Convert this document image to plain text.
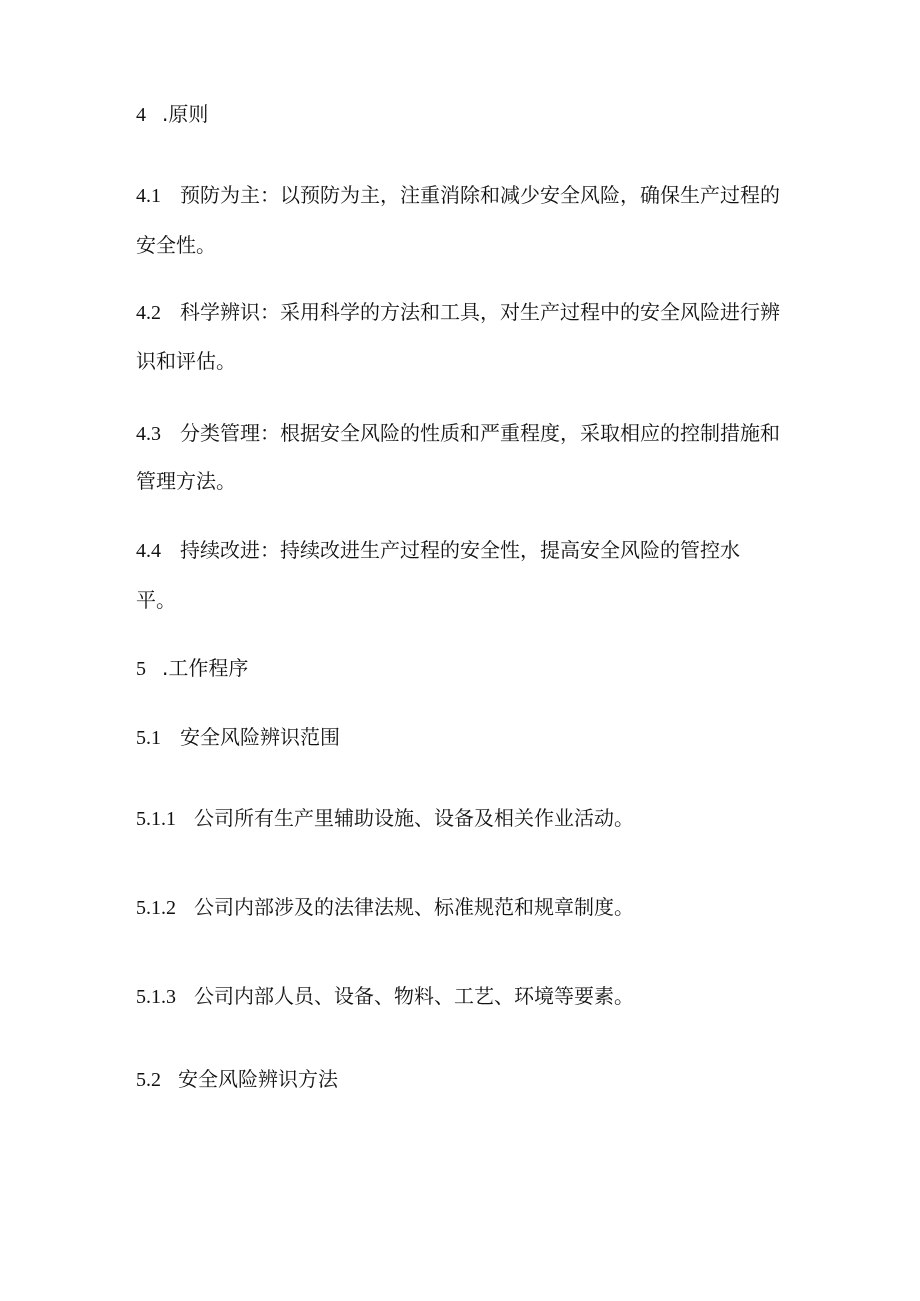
4 .原则

4.1 预防为主：以预防为主，注重消除和减少安全风险，确保生产过程的

安全性。

4.2 科学辨识：采用科学的方法和工具，对生产过程中的安全风险进行辨

识和评估。

4.3 分类管理：根据安全风险的性质和严重程度，采取相应的控制措施和

管理方法。

4.4 持续改进：持续改进生产过程的安全性，提高安全风险的管控水

平。

5 .工作程序

5.1 安全风险辨识范围

5.1.1 公司所有生产里辅助设施、设备及相关作业活动。

5.1.2 公司内部涉及的法律法规、标准规范和规章制度。

5.1.3 公司内部人员、设备、物料、工艺、环境等要素。

5.2 安全风险辨识方法
